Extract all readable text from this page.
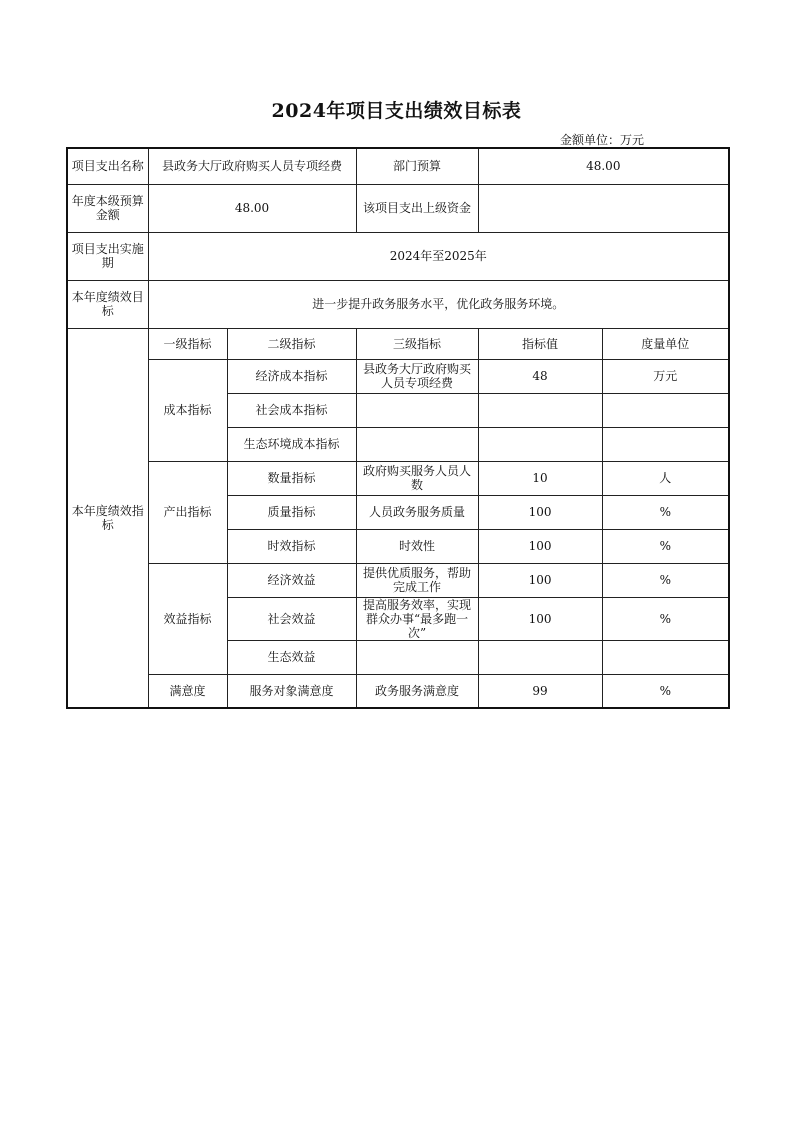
2024年项目支出绩效目标表
金额单位：万元
项目支出名称	县政务大厅政府购买人员专项经费		部门预算	48.00	
年度本级预算金额	48.00		该项目支出上级资金		
项目支出实施期	2024年至2025年				
本年度绩效目标	进一步提升政务服务水平，优化政务服务环境。				
本年度绩效指标	一级指标	二级指标	三级指标	指标值	度量单位
	成本指标	经济成本指标	县政务大厅政府购买人员专项经费	48	万元
		社会成本指标			
		生态环境成本指标			
	产出指标	数量指标	政府购买服务人员人数	10	人
		质量指标	人员政务服务质量	100	%
		时效指标	时效性	100	%
	效益指标	经济效益	提供优质服务，帮助完成工作	100	%
		社会效益	提高服务效率，实现群众办事“最多跑一次”	100	%
		生态效益			
	满意度	服务对象满意度	政务服务满意度	99	%
